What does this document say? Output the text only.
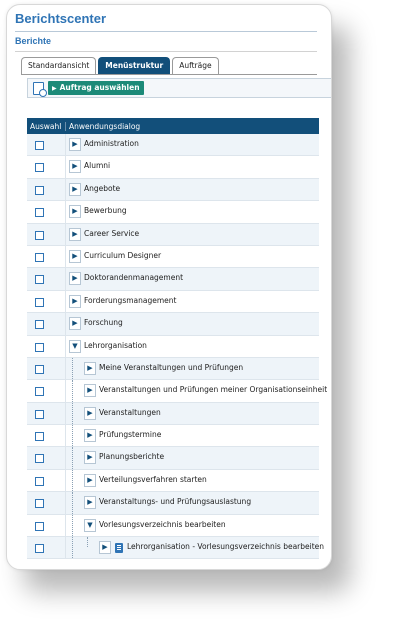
Berichtscenter
Berichte
Standardansicht	Menüstruktur	Aufträge
▶ Auftrag auswählen
Auswahl	Anwendungsdialog
▶ Administration
▶ Alumni
▶ Angebote
▶ Bewerbung
▶ Career Service
▶ Curriculum Designer
▶ Doktorandenmanagement
▶ Forderungsmanagement
▶ Forschung
▼ Lehrorganisation
▶ Meine Veranstaltungen und Prüfungen
▶ Veranstaltungen und Prüfungen meiner Organisationseinheit
▶ Veranstaltungen
▶ Prüfungstermine
▶ Planungsberichte
▶ Verteilungsverfahren starten
▶ Veranstaltungs- und Prüfungsauslastung
▼ Vorlesungsverzeichnis bearbeiten
▶	Lehrorganisation - Vorlesungsverzeichnis bearbeiten
